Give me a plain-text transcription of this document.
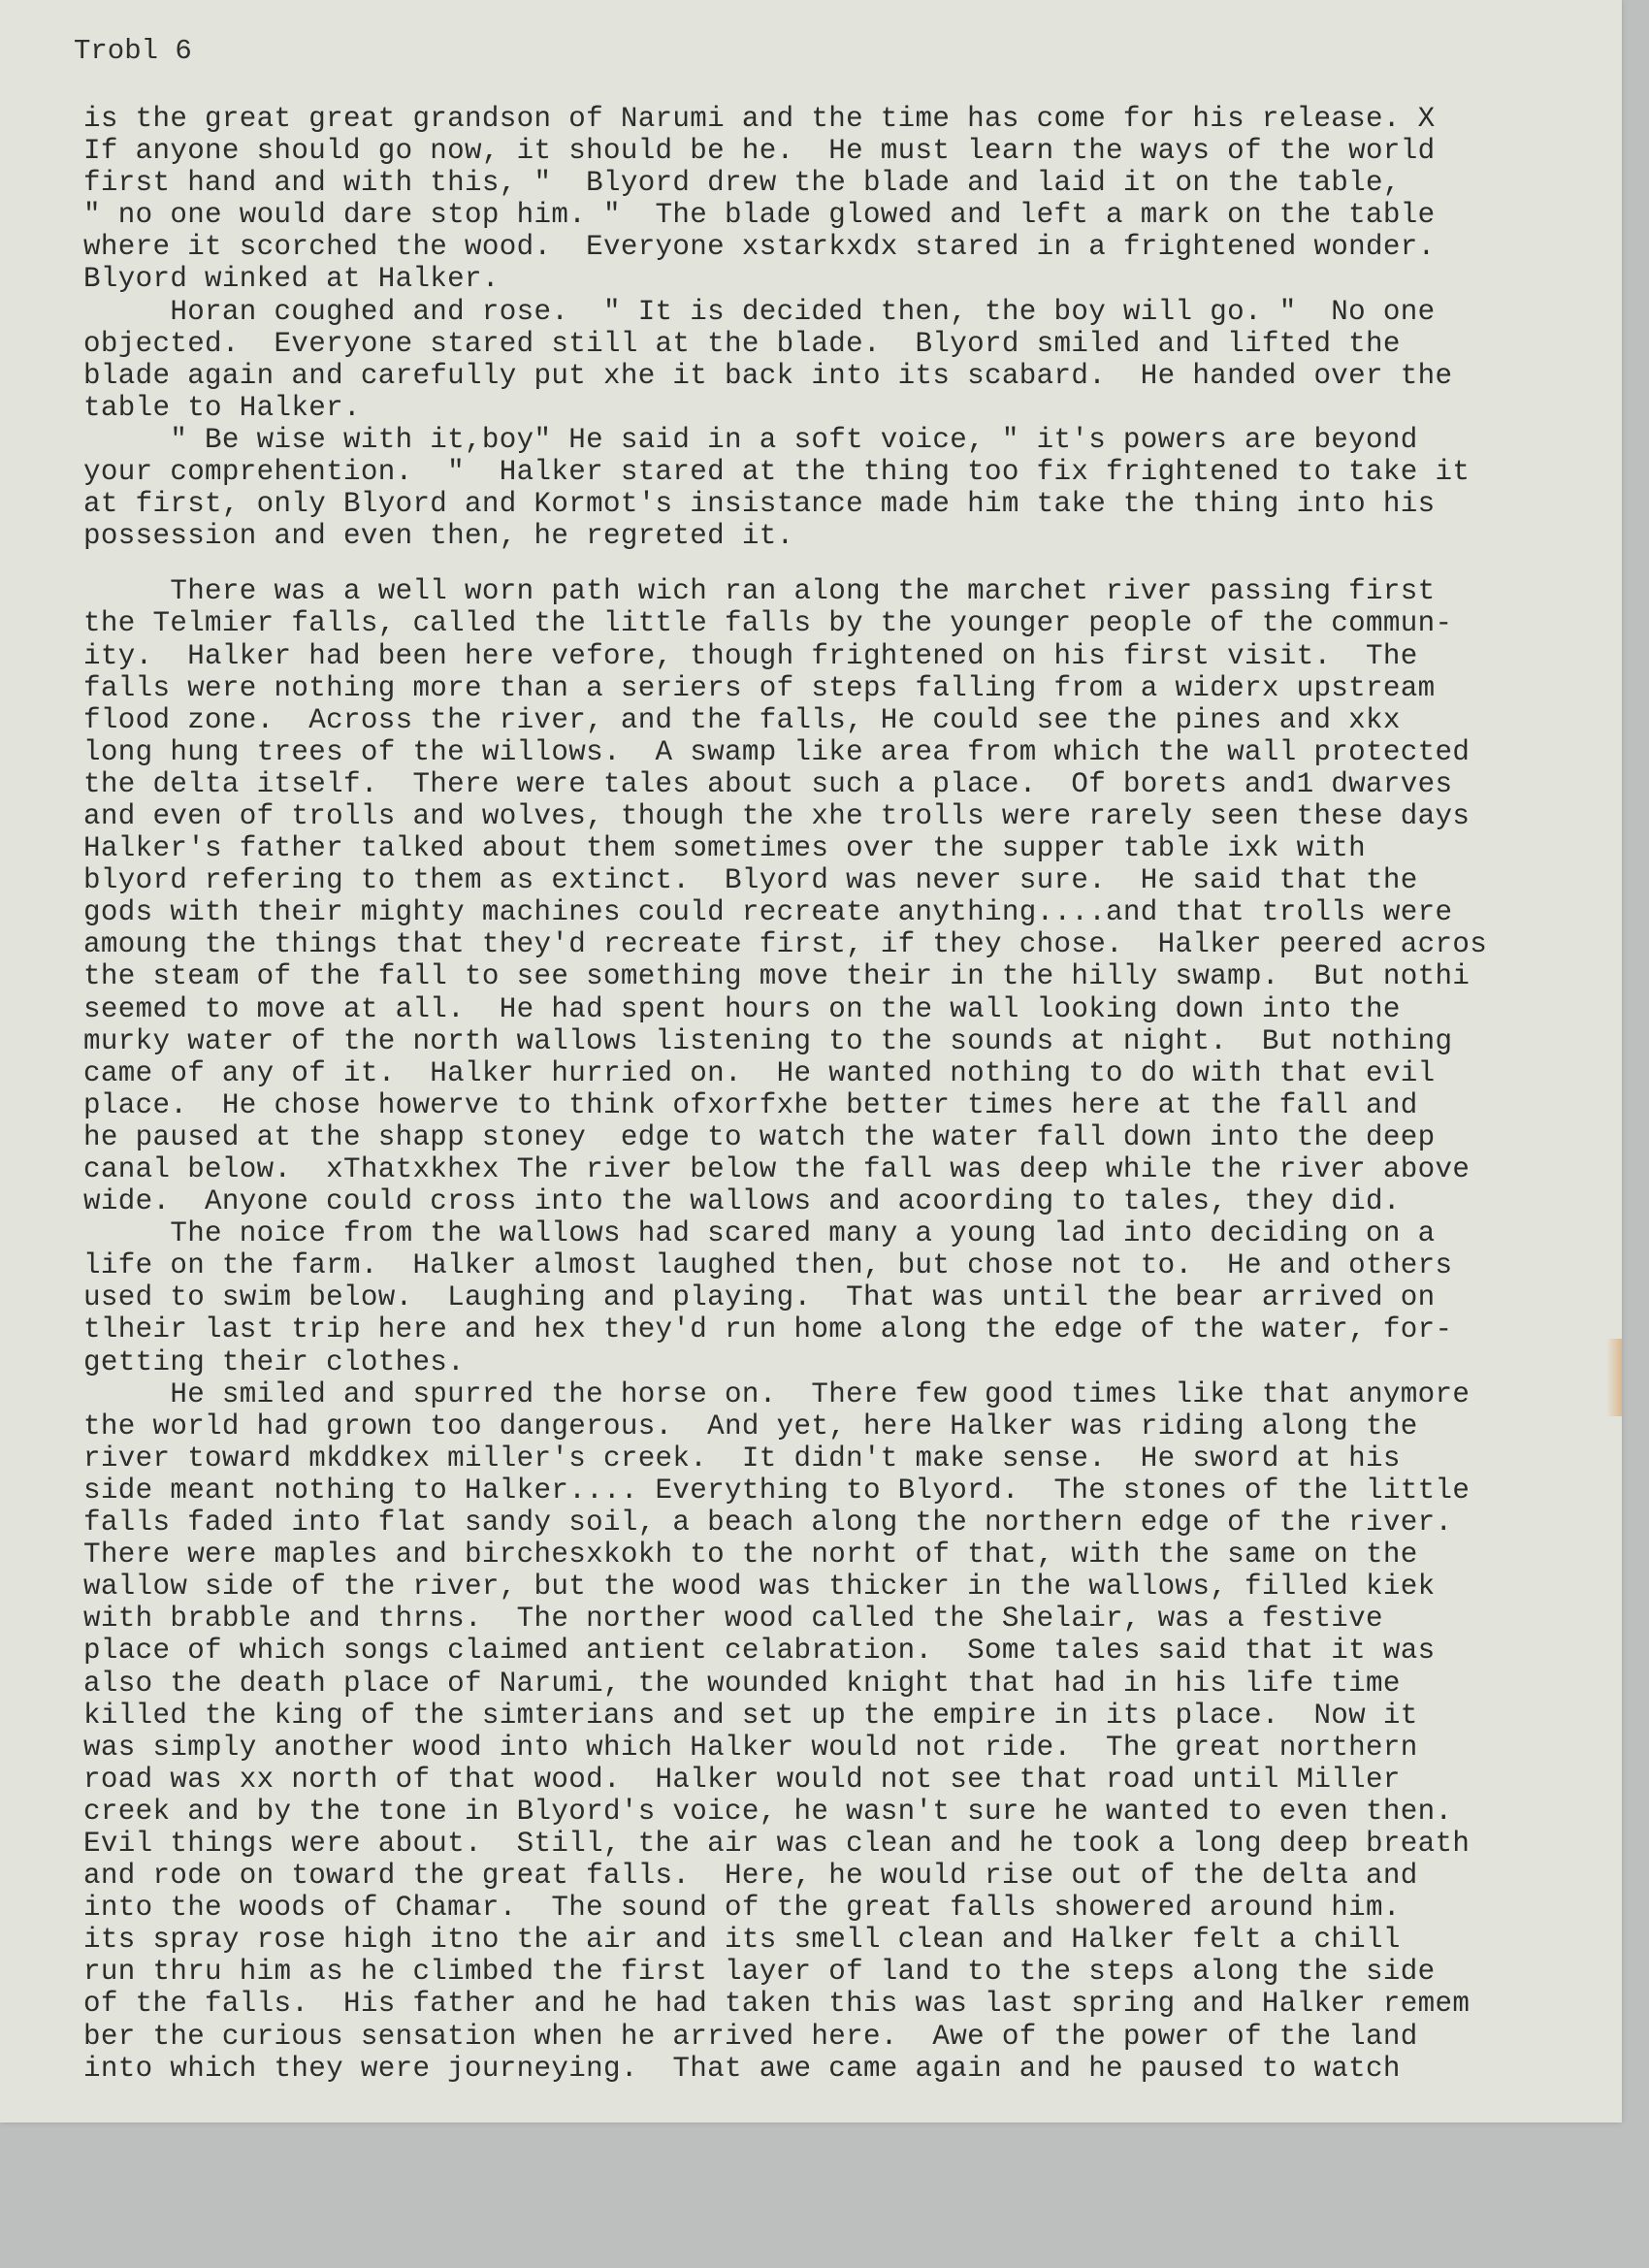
Trobl 6
is the great great grandson of Narumi and the time has come for his release. X
If anyone should go now, it should be he.  He must learn the ways of the world
first hand and with this, "  Blyord drew the blade and laid it on the table,
" no one would dare stop him. "  The blade glowed and left a mark on the table
where it scorched the wood.  Everyone xstarkxdx stared in a frightened wonder.
Blyord winked at Halker.
Horan coughed and rose.  " It is decided then, the boy will go. "  No one
objected.  Everyone stared still at the blade.  Blyord smiled and lifted the
blade again and carefully put xhe it back into its scabard.  He handed over the
table to Halker.
" Be wise with it,boy" He said in a soft voice, " it's powers are beyond
your comprehention.  "  Halker stared at the thing too fix frightened to take it
at first, only Blyord and Kormot's insistance made him take the thing into his
possession and even then, he regreted it.
There was a well worn path wich ran along the marchet river passing first
the Telmier falls, called the little falls by the younger people of the commun-
ity.  Halker had been here vefore, though frightened on his first visit.  The
falls were nothing more than a seriers of steps falling from a widerx upstream
flood zone.  Across the river, and the falls, He could see the pines and xkx
long hung trees of the willows.  A swamp like area from which the wall protected
the delta itself.  There were tales about such a place.  Of borets and1 dwarves
and even of trolls and wolves, though the xhe trolls were rarely seen these days
Halker's father talked about them sometimes over the supper table ixk with
blyord refering to them as extinct.  Blyord was never sure.  He said that the
gods with their mighty machines could recreate anything....and that trolls were
amoung the things that they'd recreate first, if they chose.  Halker peered acros
the steam of the fall to see something move their in the hilly swamp.  But nothi
seemed to move at all.  He had spent hours on the wall looking down into the
murky water of the north wallows listening to the sounds at night.  But nothing
came of any of it.  Halker hurried on.  He wanted nothing to do with that evil
place.  He chose howerve to think ofxorfxhe better times here at the fall and
he paused at the shapp stoney  edge to watch the water fall down into the deep
canal below.  xThatxkhex The river below the fall was deep while the river above
wide.  Anyone could cross into the wallows and acoording to tales, they did.
The noice from the wallows had scared many a young lad into deciding on a
life on the farm.  Halker almost laughed then, but chose not to.  He and others
used to swim below.  Laughing and playing.  That was until the bear arrived on
tlheir last trip here and hex they'd run home along the edge of the water, for-
getting their clothes.
He smiled and spurred the horse on.  There few good times like that anymore
the world had grown too dangerous.  And yet, here Halker was riding along the
river toward mkddkex miller's creek.  It didn't make sense.  He sword at his
side meant nothing to Halker.... Everything to Blyord.  The stones of the little
falls faded into flat sandy soil, a beach along the northern edge of the river.
There were maples and birchesxkokh to the norht of that, with the same on the
wallow side of the river, but the wood was thicker in the wallows, filled kiek
with brabble and thrns.  The norther wood called the Shelair, was a festive
place of which songs claimed antient celabration.  Some tales said that it was
also the death place of Narumi, the wounded knight that had in his life time
killed the king of the simterians and set up the empire in its place.  Now it
was simply another wood into which Halker would not ride.  The great northern
road was xx north of that wood.  Halker would not see that road until Miller
creek and by the tone in Blyord's voice, he wasn't sure he wanted to even then.
Evil things were about.  Still, the air was clean and he took a long deep breath
and rode on toward the great falls.  Here, he would rise out of the delta and
into the woods of Chamar.  The sound of the great falls showered around him.
its spray rose high itno the air and its smell clean and Halker felt a chill
run thru him as he climbed the first layer of land to the steps along the side
of the falls.  His father and he had taken this was last spring and Halker remem
ber the curious sensation when he arrived here.  Awe of the power of the land
into which they were journeying.  That awe came again and he paused to watch
